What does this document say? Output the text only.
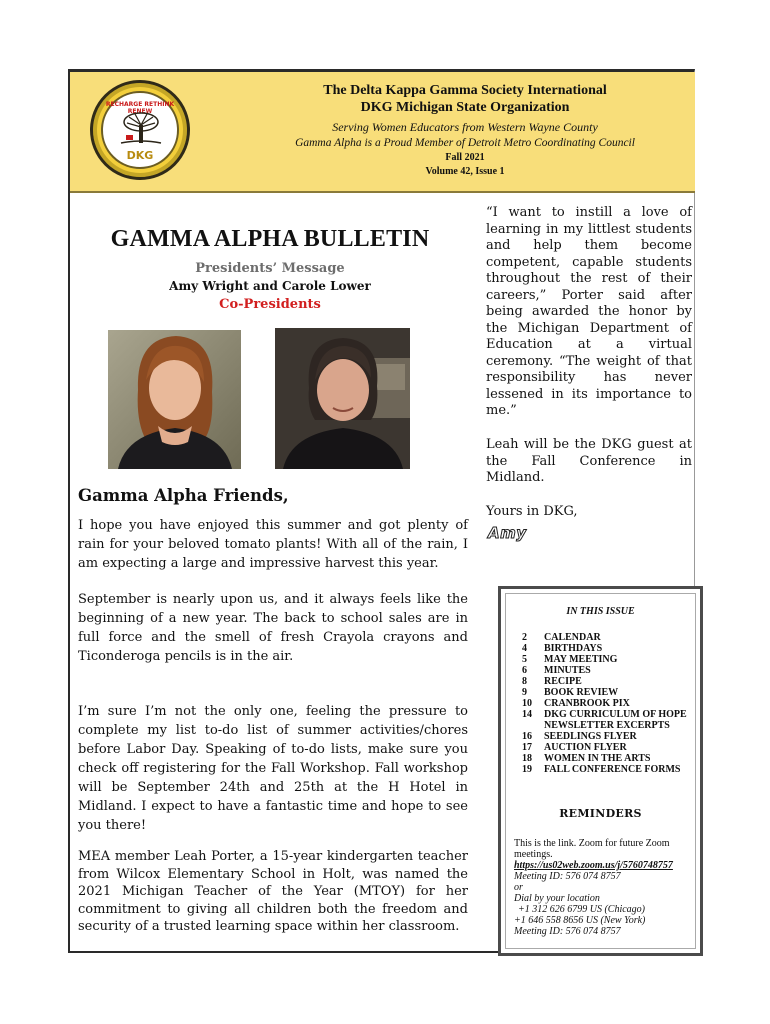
RECHARGE RETHINK RENEW
DKG
The Delta Kappa Gamma Society International
DKG Michigan State Organization
Serving Women Educators from Western Wayne County
Gamma Alpha is a Proud Member of Detroit Metro Coordinating Council
Fall 2021
Volume 42, Issue 1
GAMMA ALPHA BULLETIN
Presidents’ Message
Amy Wright and Carole Lower
Co-Presidents
Gamma Alpha Friends,
I hope you have enjoyed this summer and got plenty of rain for your beloved tomato plants! With all of the rain, I am expecting a large and impressive harvest this year.
September is nearly upon us, and it always feels like the beginning of a new year. The back to school sales are in full force and the smell of fresh Crayola crayons and Ticonderoga pencils is in the air.
I’m sure I’m not the only one, feeling the pressure to complete my list to-do list of summer activities/chores before Labor Day. Speaking of to-do lists, make sure you check off registering for the Fall Workshop. Fall workshop will be September 24th and 25th at the H Hotel in Midland. I expect to have a fantastic time and hope to see you there!
MEA member Leah Porter, a 15-year kindergarten teacher from Wilcox Elementary School in Holt, was named the 2021 Michigan Teacher of the Year (MTOY) for her commitment to giving all children both the freedom and security of a trusted learning space within her classroom.
“I want to instill a love of learning in my littlest students and help them become competent, capable students throughout the rest of their careers,” Porter said after being awarded the honor by the Michigan Department of Education at a virtual ceremony. “The weight of that responsibility has never lessened in its importance to me.”
Leah will be the DKG guest at the Fall Conference in Midland.
Yours in DKG,
Amy
IN THIS ISSUE
2	CALENDAR
4	BIRTHDAYS
5	MAY MEETING
6	MINUTES
8	RECIPE
9	BOOK REVIEW
10	CRANBROOK PIX
14	DKG CURRICULUM OF HOPE NEWSLETTER EXCERPTS
16	SEEDLINGS FLYER
17	AUCTION FLYER
18	WOMEN IN THE ARTS
19	FALL CONFERENCE FORMS
REMINDERS
This is the link. Zoom for future Zoom meetings. https://us02web.zoom.us/j/5760748757
Meeting ID: 576 074 8757
or
Dial by your location
+1 312 626 6799 US (Chicago)
+1 646 558 8656 US (New York)
Meeting ID: 576 074 8757
